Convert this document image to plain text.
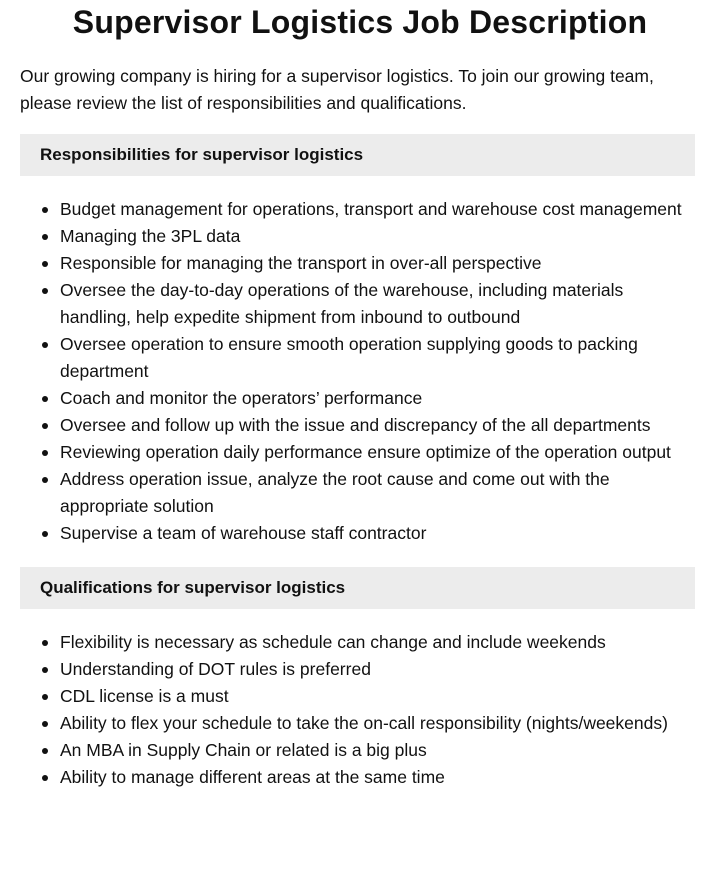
Supervisor Logistics Job Description

Our growing company is hiring for a supervisor logistics. To join our growing team, please review the list of responsibilities and qualifications.

Responsibilities for supervisor logistics
Budget management for operations, transport and warehouse cost management
Managing the 3PL data
Responsible for managing the transport in over-all perspective
Oversee the day-to-day operations of the warehouse, including materials handling, help expedite shipment from inbound to outbound
Oversee operation to ensure smooth operation supplying goods to packing department
Coach and monitor the operators’ performance
Oversee and follow up with the issue and discrepancy of the all departments
Reviewing operation daily performance ensure optimize of the operation output
Address operation issue, analyze the root cause and come out with the appropriate solution
Supervise a team of warehouse staff contractor
Qualifications for supervisor logistics
Flexibility is necessary as schedule can change and include weekends
Understanding of DOT rules is preferred
CDL license is a must
Ability to flex your schedule to take the on-call responsibility (nights/weekends)
An MBA in Supply Chain or related is a big plus
Ability to manage different areas at the same time
